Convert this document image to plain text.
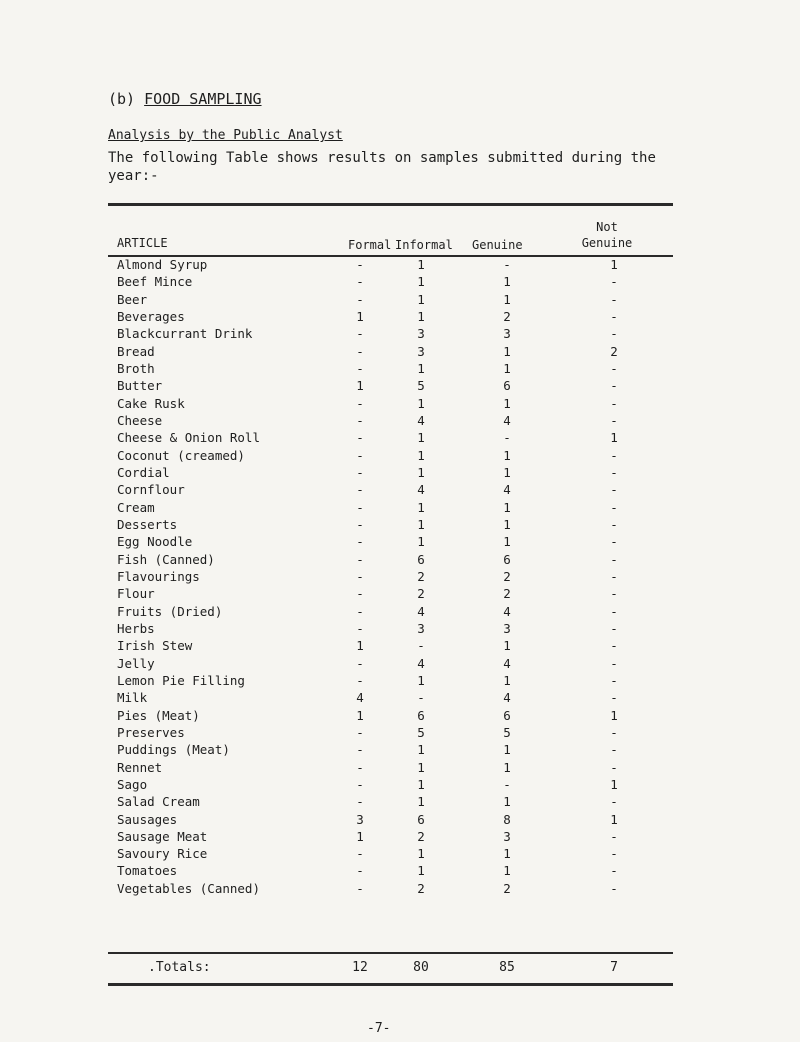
(b) FOOD SAMPLING
Analysis by the Public Analyst
The following Table shows results on samples submitted during the year:-
ARTICLE	Formal Informal Genuine
Not
Genuine
Almond Syrup	-	1	-	1
Beef Mince	-	1	1	-
Beer	-	1	1	-
Beverages	1	1	2	-
Blackcurrant Drink	-	3	3	-
Bread	-	3	1	2
Broth	-	1	1	-
Butter	1	5	6	-
Cake Rusk	-	1	1	-
Cheese	-	4	4	-
Cheese & Onion Roll	-	1	-	1
Coconut (creamed)	-	1	1	-
Cordial	-	1	1	-
Cornflour	-	4	4	-
Cream	-	1	1	-
Desserts	-	1	1	-
Egg Noodle	-	1	1	-
Fish (Canned)	-	6	6	-
Flavourings	-	2	2	-
Flour	-	2	2	-
Fruits (Dried)	-	4	4	-
Herbs	-	3	3	-
Irish Stew	1	-	1	-
Jelly	-	4	4	-
Lemon Pie Filling	-	1	1	-
Milk	4	-	4	-
Pies (Meat)	1	6	6	1
Preserves	-	5	5	-
Puddings (Meat)	-	1	1	-
Rennet	-	1	1	-
Sago	-	1	-	1
Salad Cream	-	1	1	-
Sausages	3	6	8	1
Sausage Meat	1	2	3	-
Savoury Rice	-	1	1	-
Tomatoes	-	1	1	-
Vegetables (Canned)	-	2	2	-
.Totals:	12	80	85	7
-7-
